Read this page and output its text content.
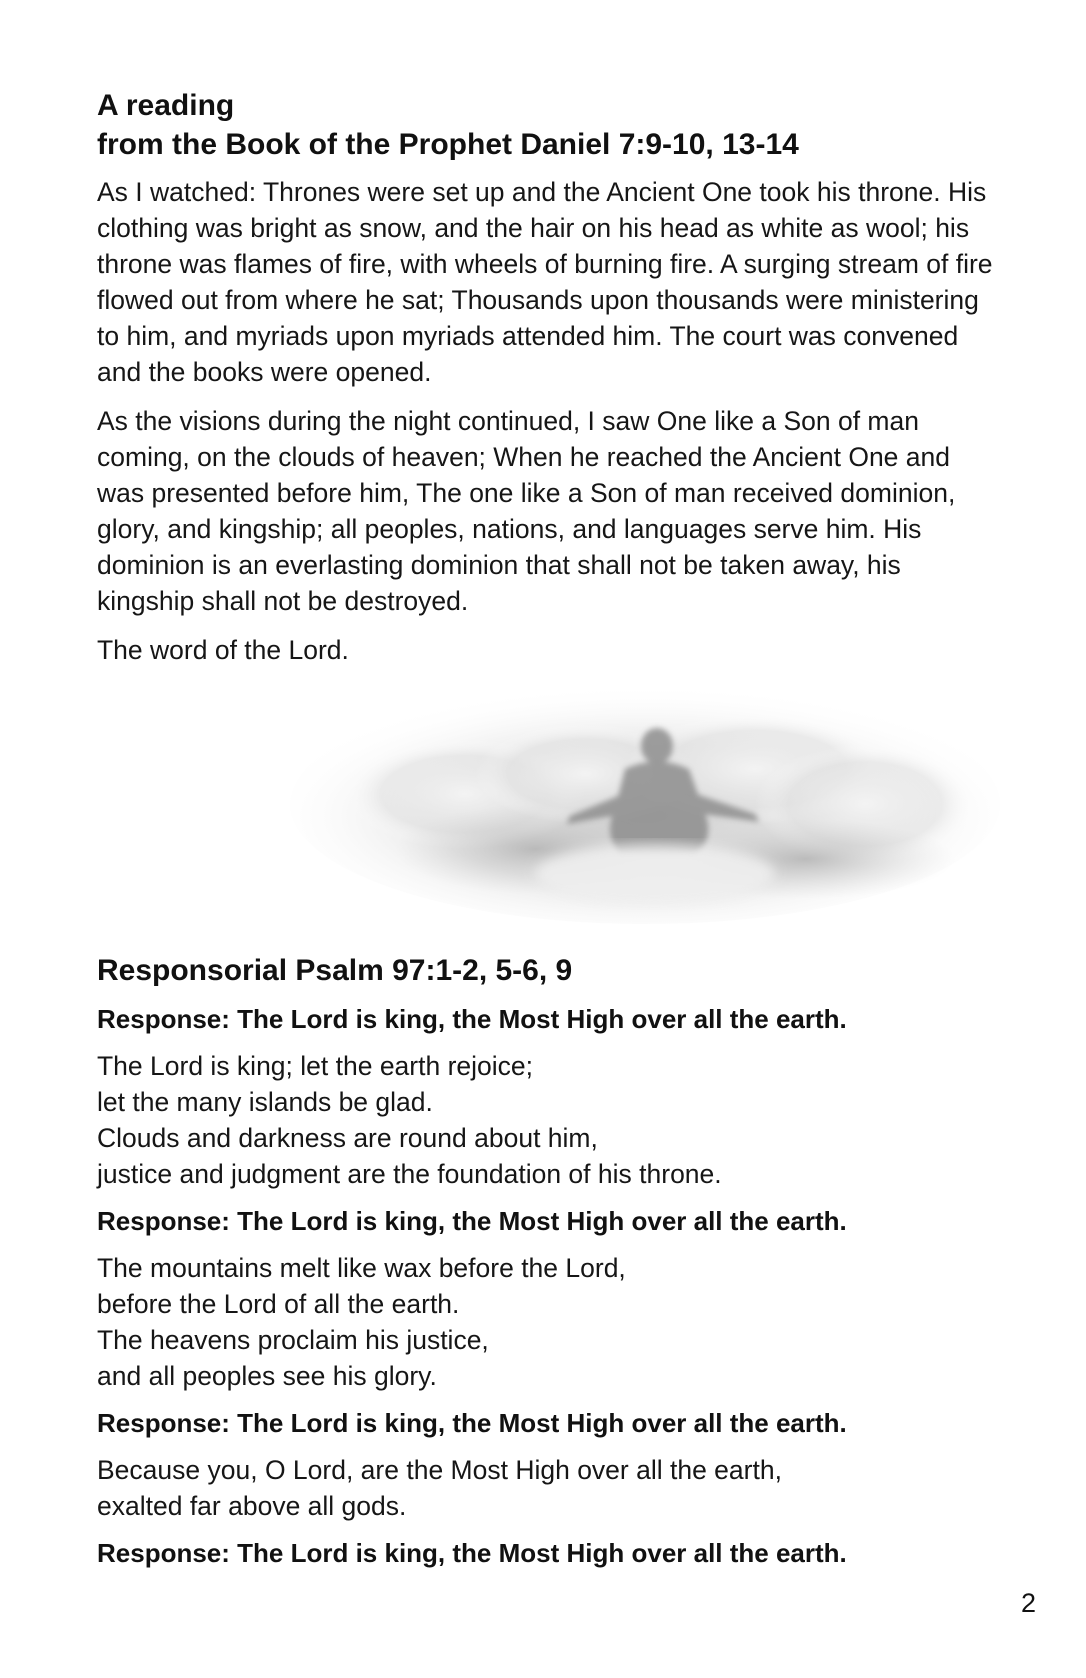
A reading
from the Book of the Prophet Daniel 7:9-10, 13-14

As I watched: Thrones were set up and the Ancient One took his throne. His clothing was bright as snow, and the hair on his head as white as wool; his throne was flames of fire, with wheels of burning fire. A surging stream of fire flowed out from where he sat; Thousands upon thousands were ministering to him, and myriads upon myriads attended him. The court was convened and the books were opened.

As the visions during the night continued, I saw One like a Son of man coming, on the clouds of heaven; When he reached the Ancient One and was presented before him, The one like a Son of man received dominion, glory, and kingship; all peoples, nations, and languages serve him. His dominion is an everlasting dominion that shall not be taken away, his kingship shall not be destroyed.

The word of the Lord.

Responsorial Psalm 97:1-2, 5-6, 9

Response: The Lord is king, the Most High over all the earth.

The Lord is king; let the earth rejoice;
let the many islands be glad.
Clouds and darkness are round about him,
justice and judgment are the foundation of his throne.

Response: The Lord is king, the Most High over all the earth.

The mountains melt like wax before the Lord,
before the Lord of all the earth.
The heavens proclaim his justice,
and all peoples see his glory.

Response: The Lord is king, the Most High over all the earth.

Because you, O Lord, are the Most High over all the earth,
exalted far above all gods.

Response: The Lord is king, the Most High over all the earth.

2
